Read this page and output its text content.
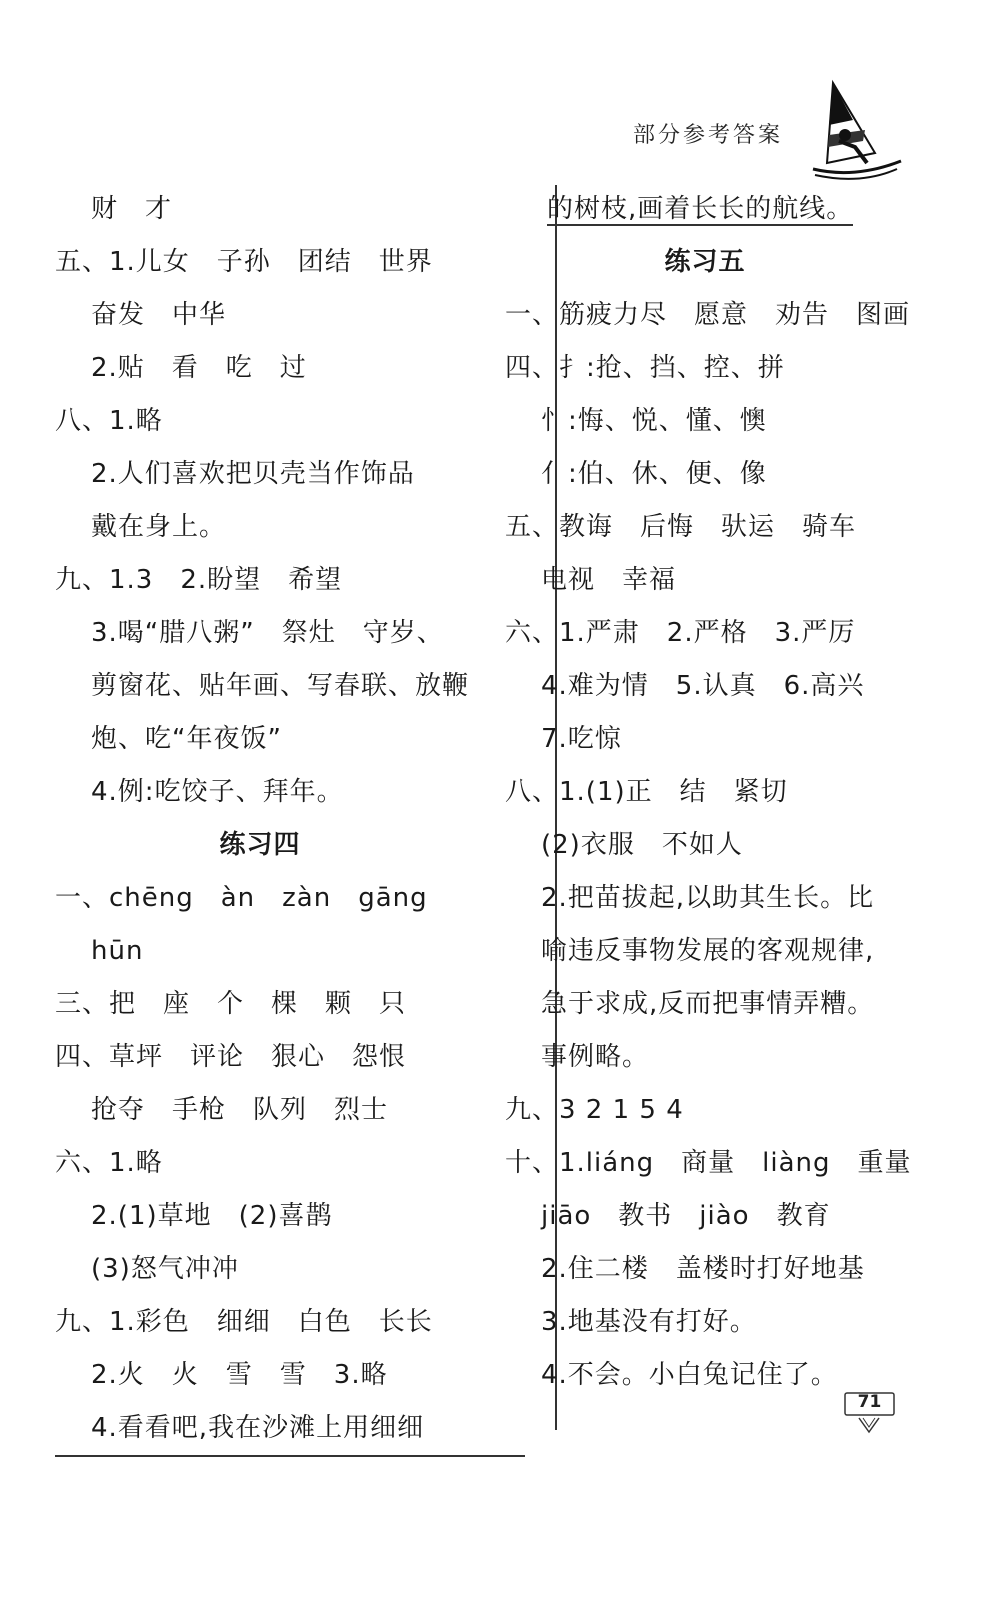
部分参考答案
财　才
五、1.儿女　子孙　团结　世界
奋发　中华
2.贴　看　吃　过
八、1.略
2.人们喜欢把贝壳当作饰品
戴在身上。
九、1.3　2.盼望　希望
3.喝“腊八粥”　祭灶　守岁、
剪窗花、贴年画、写春联、放鞭
炮、吃“年夜饭”
4.例:吃饺子、拜年。
练习四
一、chēng　àn　zàn　gāng
hūn
三、把　座　个　棵　颗　只
四、草坪　评论　狠心　怨恨
抢夺　手枪　队列　烈士
六、1.略
2.(1)草地　(2)喜鹊
(3)怒气冲冲
九、1.彩色　细细　白色　长长
2.火　火　雪　雪　3.略
4.看看吧,我在沙滩上用细细
的树枝,画着长长的航线。
练习五
一、筋疲力尽　愿意　劝告　图画
四、扌:抢、挡、控、拼
忄:悔、悦、懂、懊
亻:伯、休、便、像
五、教诲　后悔　驮运　骑车
电视　幸福
六、1.严肃　2.严格　3.严厉
4.难为情　5.认真　6.高兴
7.吃惊
八、1.(1)正　结　紧切
(2)衣服　不如人
2.把苗拔起,以助其生长。比
喻违反事物发展的客观规律,
急于求成,反而把事情弄糟。
事例略。
九、3 2 1 5 4
十、1.liáng　商量　liàng　重量
jiāo　教书　jiào　教育
2.住二楼　盖楼时打好地基
3.地基没有打好。
4.不会。小白兔记住了。
71
